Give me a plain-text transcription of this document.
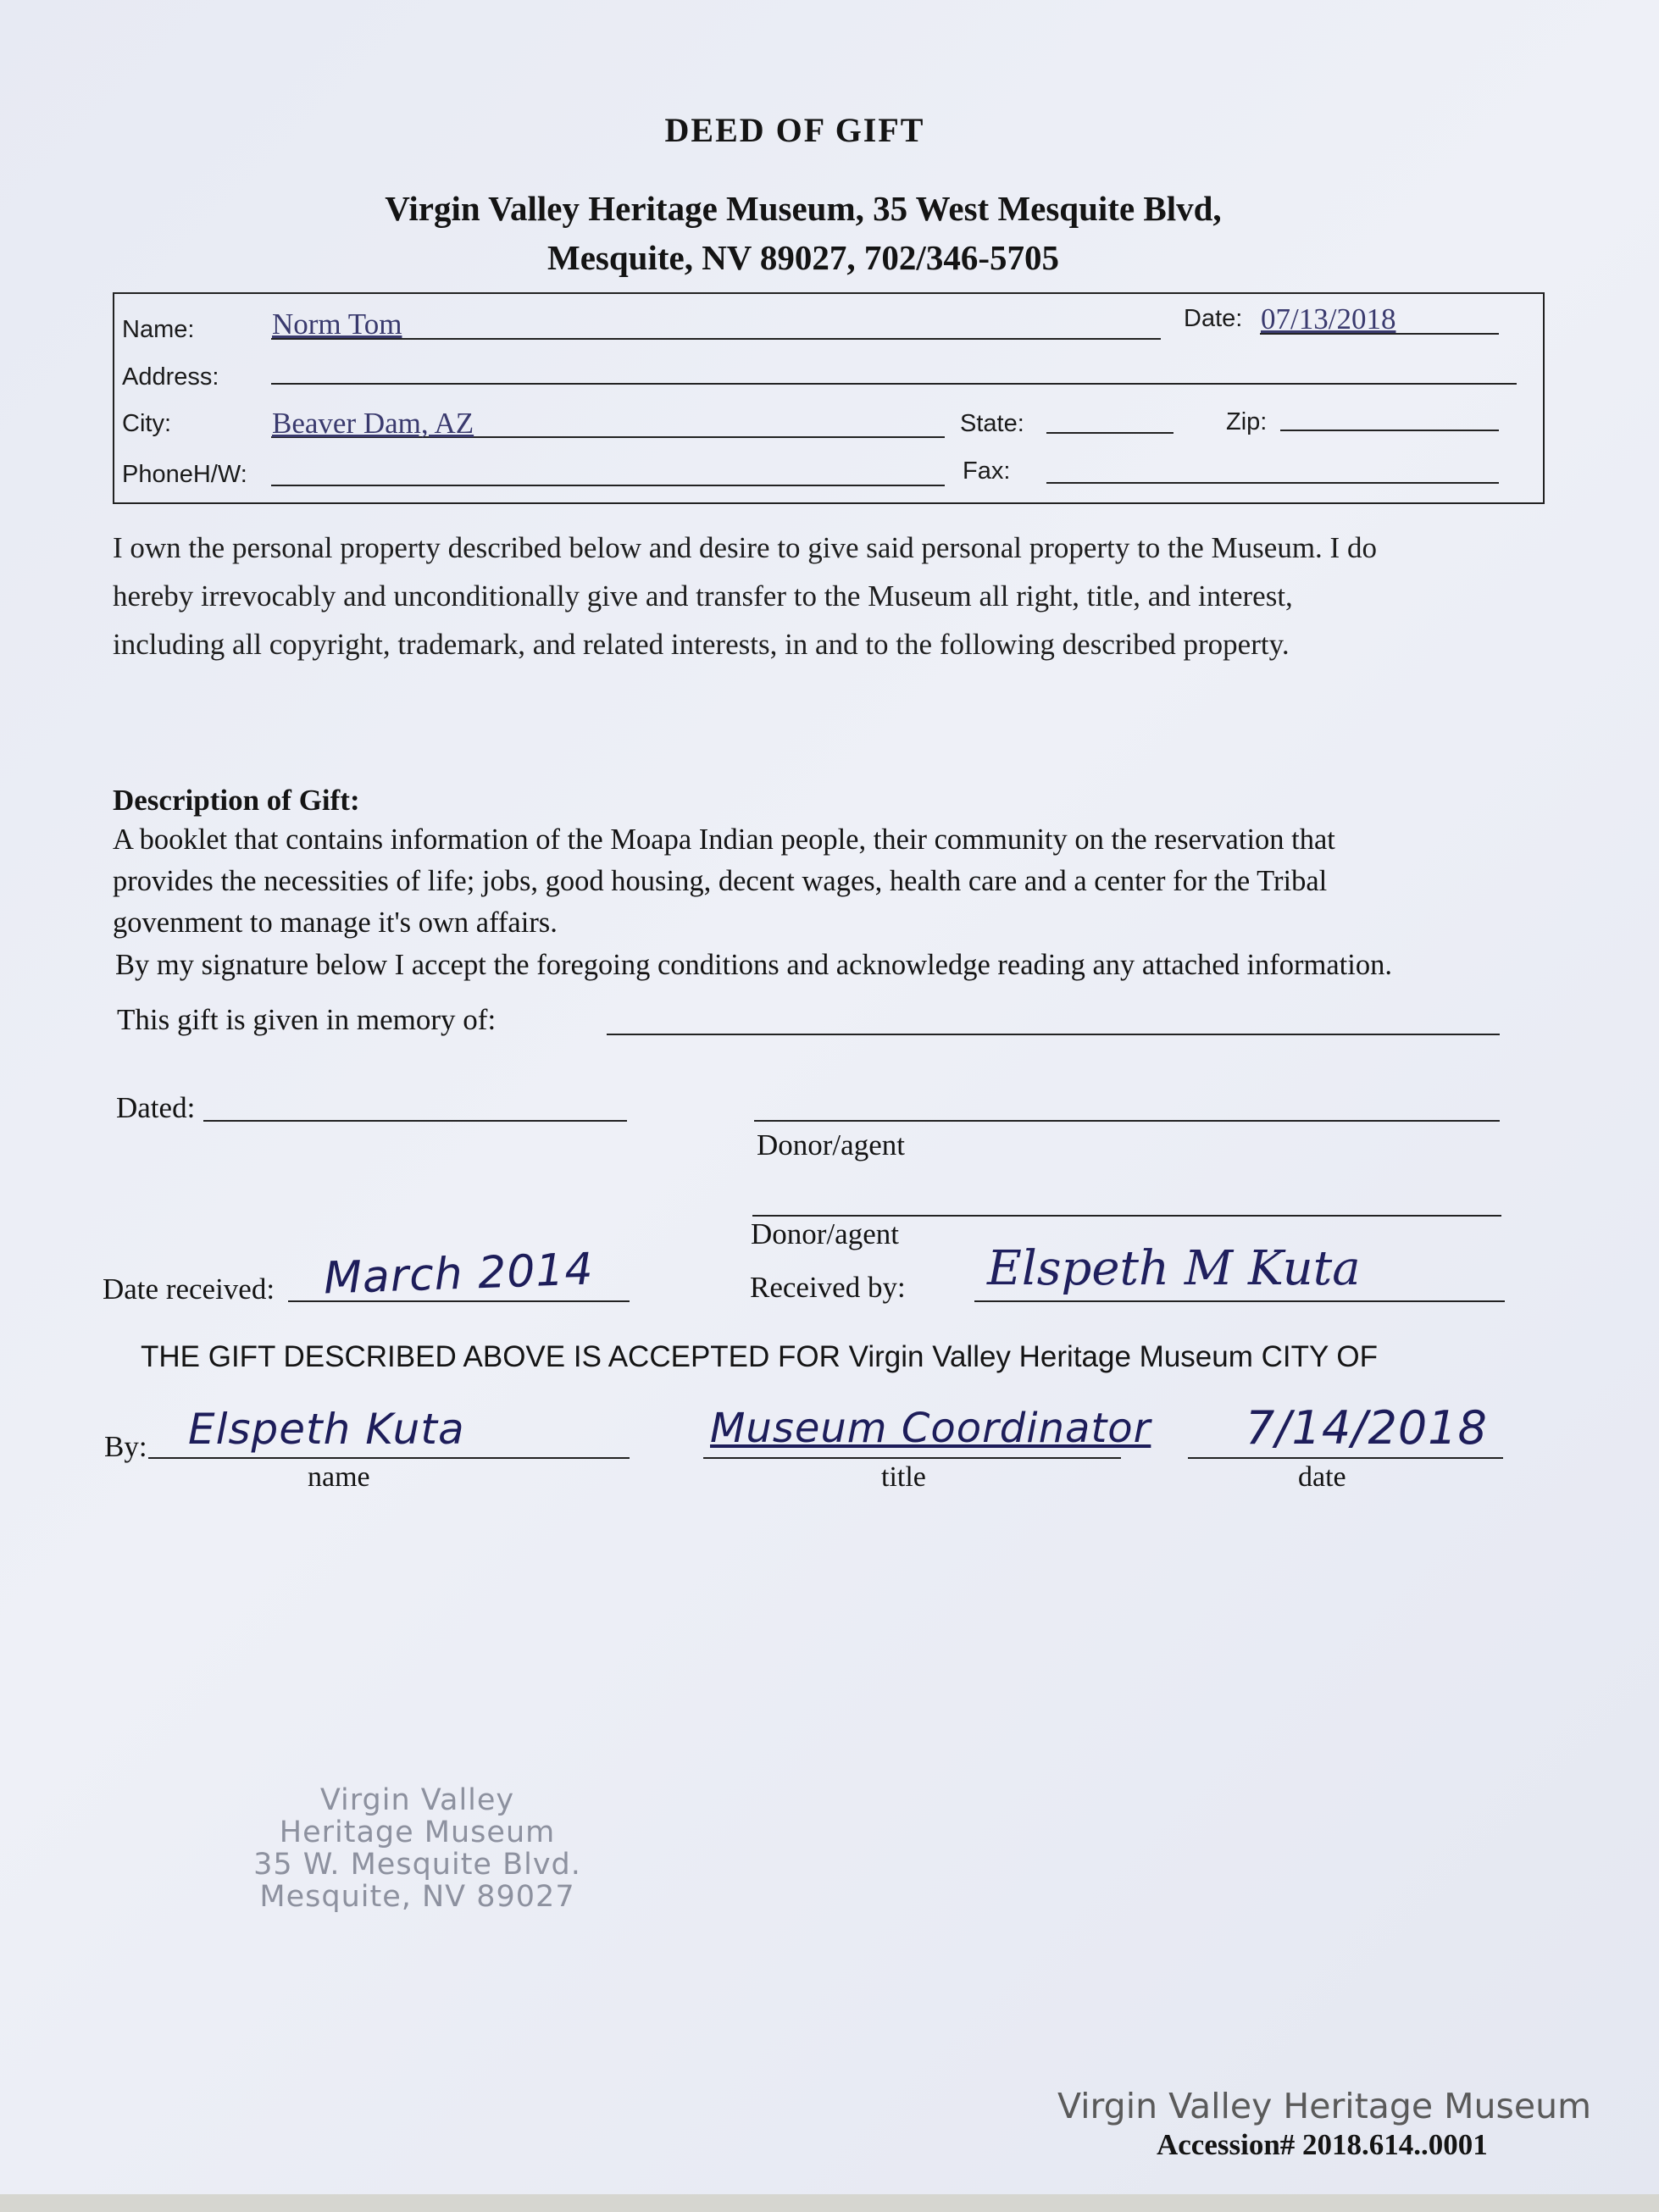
DEED OF GIFT
Virgin Valley Heritage Museum, 35 West Mesquite Blvd,
Mesquite, NV 89027, 702/346-5705
Name:	Norm Tom	Date: 07/13/2018
Address:
City:	Beaver Dam, AZ	State:	Zip:
PhoneH/W:	Fax:
I own the personal property described below and desire to give said personal property to the Museum. I do
hereby irrevocably and unconditionally give and transfer to the Museum all right, title, and interest,
including all copyright, trademark, and related interests, in and to the following described property.
Description of Gift:
A booklet that contains information of the Moapa Indian people, their community on the reservation that
provides the necessities of life; jobs, good housing, decent wages, health care and a center for the Tribal
govenment to manage it's own affairs.
By my signature below I accept the foregoing conditions and acknowledge reading any attached information.
This gift is given in memory of:
Dated:
Donor/agent
Donor/agent
Date received: March 2014	Received by: Elspeth M Kuta
THE GIFT DESCRIBED ABOVE IS ACCEPTED FOR Virgin Valley Heritage Museum CITY OF
By: Elspeth Kuta
name
Museum Coordinator
title
7/14/2018
date
Virgin Valley
Heritage Museum
35 W. Mesquite Blvd.
Mesquite, NV 89027
Virgin Valley Heritage Museum
Accession# 2018.614..0001
